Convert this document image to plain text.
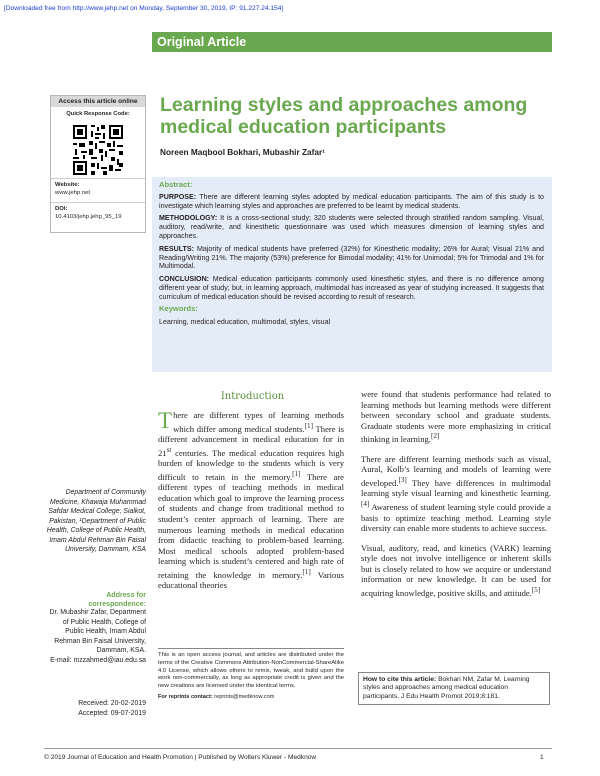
[Downloaded free from http://www.jehp.net on Monday, September 30, 2019, IP: 91.227.24.154]
Original Article
Access this article online
Quick Response Code:
Website:
www.jehp.net
DOI:
10.4103/jehp.jehp_95_19
Learning styles and approaches among
medical education participants
Noreen Maqbool Bokhari, Mubashir Zafar¹
Abstract:

PURPOSE: There are different learning styles adopted by medical education participants. The aim of this study is to investigate which learning styles and approaches are preferred to be learnt by medical students.

METHODOLOGY: It is a cross-sectional study; 320 students were selected through stratified random sampling. Visual, auditory, read/write, and kinesthetic questionnaire was used which measures dimension of learning styles and approaches.

RESULTS: Majority of medical students have preferred (32%) for Kinesthetic modality; 26% for Aural; Visual 21% and Reading/Writing 21%. The majority (53%) preference for Bimodal modality; 41% for Unimodal; 5% for Trimodal and 1% for Multimodal.

CONCLUSION: Medical education participants commonly used kinesthetic styles, and there is no difference among different year of study; but, in learning approach, multimodal has increased as year of studying increased. It suggests that curriculum of medical education should be revised according to result of research.

Keywords:

Learning, medical education, multimodal, styles, visual

Introduction

There are different types of learning methods which differ among medical students.[1] There is different advancement in medical education for in 21st centuries. The medical education requires high burden of knowledge to the students which is very difficult to retain in the memory.[1] There are different types of teaching methods in medical education which goal to improve the learning process of students and change from traditional method to student’s center approach of learning. There are numerous learning methods in medical education from didactic teaching to problem-based learning. Most medical schools adopted problem-based learning which is student’s centered and high rate of retaining the knowledge in memory.[1] Various educational theories

were found that students performance had related to learning methods but learning methods were different between secondary school and graduate students. Graduate students were more emphasizing in critical thinking in learning.[2]

There are different learning methods such as visual, Aural, Kolb’s learning and models of learning were developed.[3] They have differences in multimodal learning style visual learning and kinesthetic learning.[4] Awareness of student learning style could provide a basis to optimize teaching method. Learning style diversity can enable more students to achieve success.

Visual, auditory, read, and kinetics (VARK) learning style does not involve intelligence or inherent skills but is closely related to how we acquire or understand information or new knowledge. It can be used for acquiring knowledge, positive skills, and attitude.[5]

Department of Community Medicine, Khawaja Muhammad Safdar Medical College, Sialkot, Pakistan, ¹Department of Public Health, College of Public Health, Imam Abdul Rehman Bin Faisal University, Dammam, KSA
Address for
correspondence:
Dr. Mubashir Zafar, Department of Public Health, College of Public Health, Imam Abdul Rehman Bin Faisal University, Dammam, KSA.
E-mail: mzzahmed@iau.edu.sa
Received: 20-02-2019
Accepted: 09-07-2019
This is an open access journal, and articles are distributed under the terms of the Creative Commons Attribution-NonCommercial-ShareAlike 4.0 License, which allows others to remix, tweak, and build upon the work non-commercially, as long as appropriate credit is given and the new creations are licensed under the identical terms.
For reprints contact: reprints@medknow.com
How to cite this article: Bokhari NM, Zafar M. Learning styles and approaches among medical education participants. J Edu Health Promot 2019;8:181.
© 2019 Journal of Education and Health Promotion | Published by Wolters Kluwer - Medknow	1
